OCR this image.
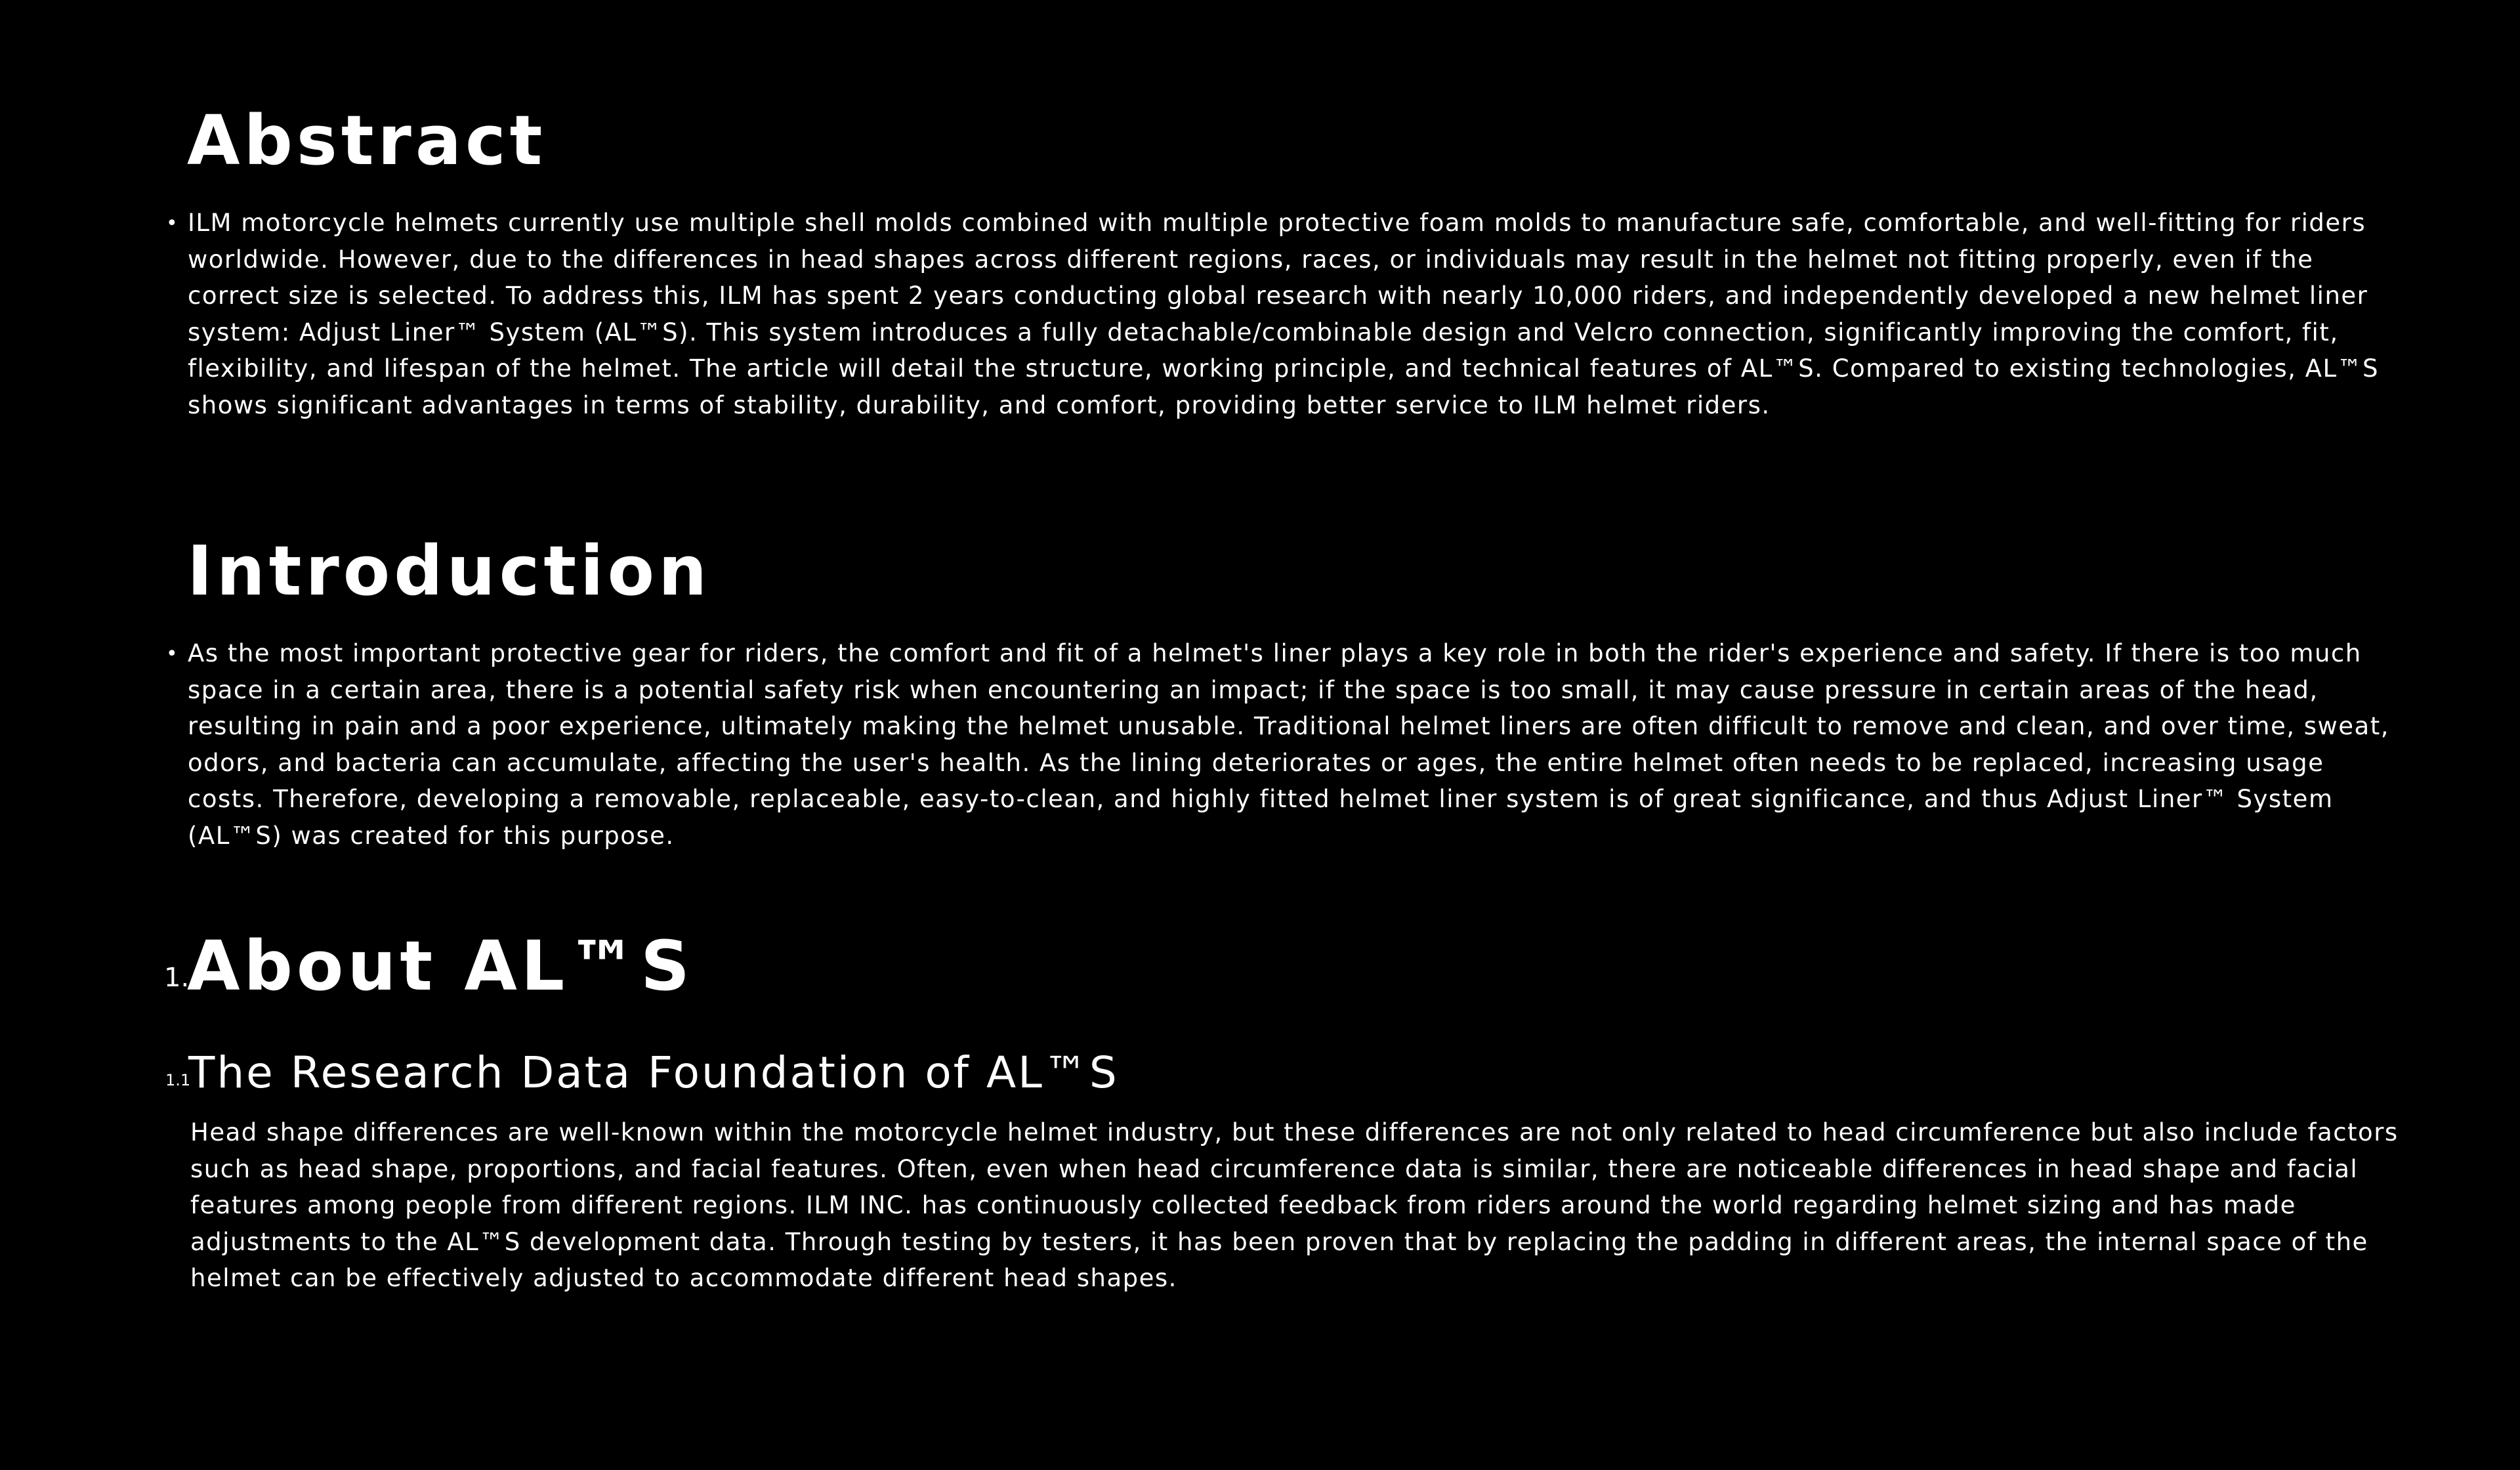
Abstract
• ILM motorcycle helmets currently use multiple shell molds combined with multiple protective foam molds to manufacture safe, comfortable, and well-fitting for riders worldwide. However, due to the differences in head shapes across different regions, races, or individuals may result in the helmet not fitting properly, even if the correct size is selected. To address this, ILM has spent 2 years conducting global research with nearly 10,000 riders, and independently developed a new helmet liner system: Adjust Liner™ System (AL™S). This system introduces a fully detachable/combinable design and Velcro connection, significantly improving the comfort, fit, flexibility, and lifespan of the helmet. The article will detail the structure, working principle, and technical features of AL™S. Compared to existing technologies, AL™S shows significant advantages in terms of stability, durability, and comfort, providing better service to ILM helmet riders.

Introduction
• As the most important protective gear for riders, the comfort and fit of a helmet's liner plays a key role in both the rider's experience and safety. If there is too much space in a certain area, there is a potential safety risk when encountering an impact; if the space is too small, it may cause pressure in certain areas of the head, resulting in pain and a poor experience, ultimately making the helmet unusable. Traditional helmet liners are often difficult to remove and clean, and over time, sweat, odors, and bacteria can accumulate, affecting the user's health. As the lining deteriorates or ages, the entire helmet often needs to be replaced, increasing usage costs. Therefore, developing a removable, replaceable, easy-to-clean, and highly fitted helmet liner system is of great significance, and thus Adjust Liner™ System (AL™S) was created for this purpose.

1.
About AL™S
1.1
The Research Data Foundation of AL™S

Head shape differences are well-known within the motorcycle helmet industry, but these differences are not only related to head circumference but also include factors such as head shape, proportions, and facial features. Often, even when head circumference data is similar, there are noticeable differences in head shape and facial features among people from different regions. ILM INC. has continuously collected feedback from riders around the world regarding helmet sizing and has made adjustments to the AL™S development data. Through testing by testers, it has been proven that by replacing the padding in different areas, the internal space of the helmet can be effectively adjusted to accommodate different head shapes.
